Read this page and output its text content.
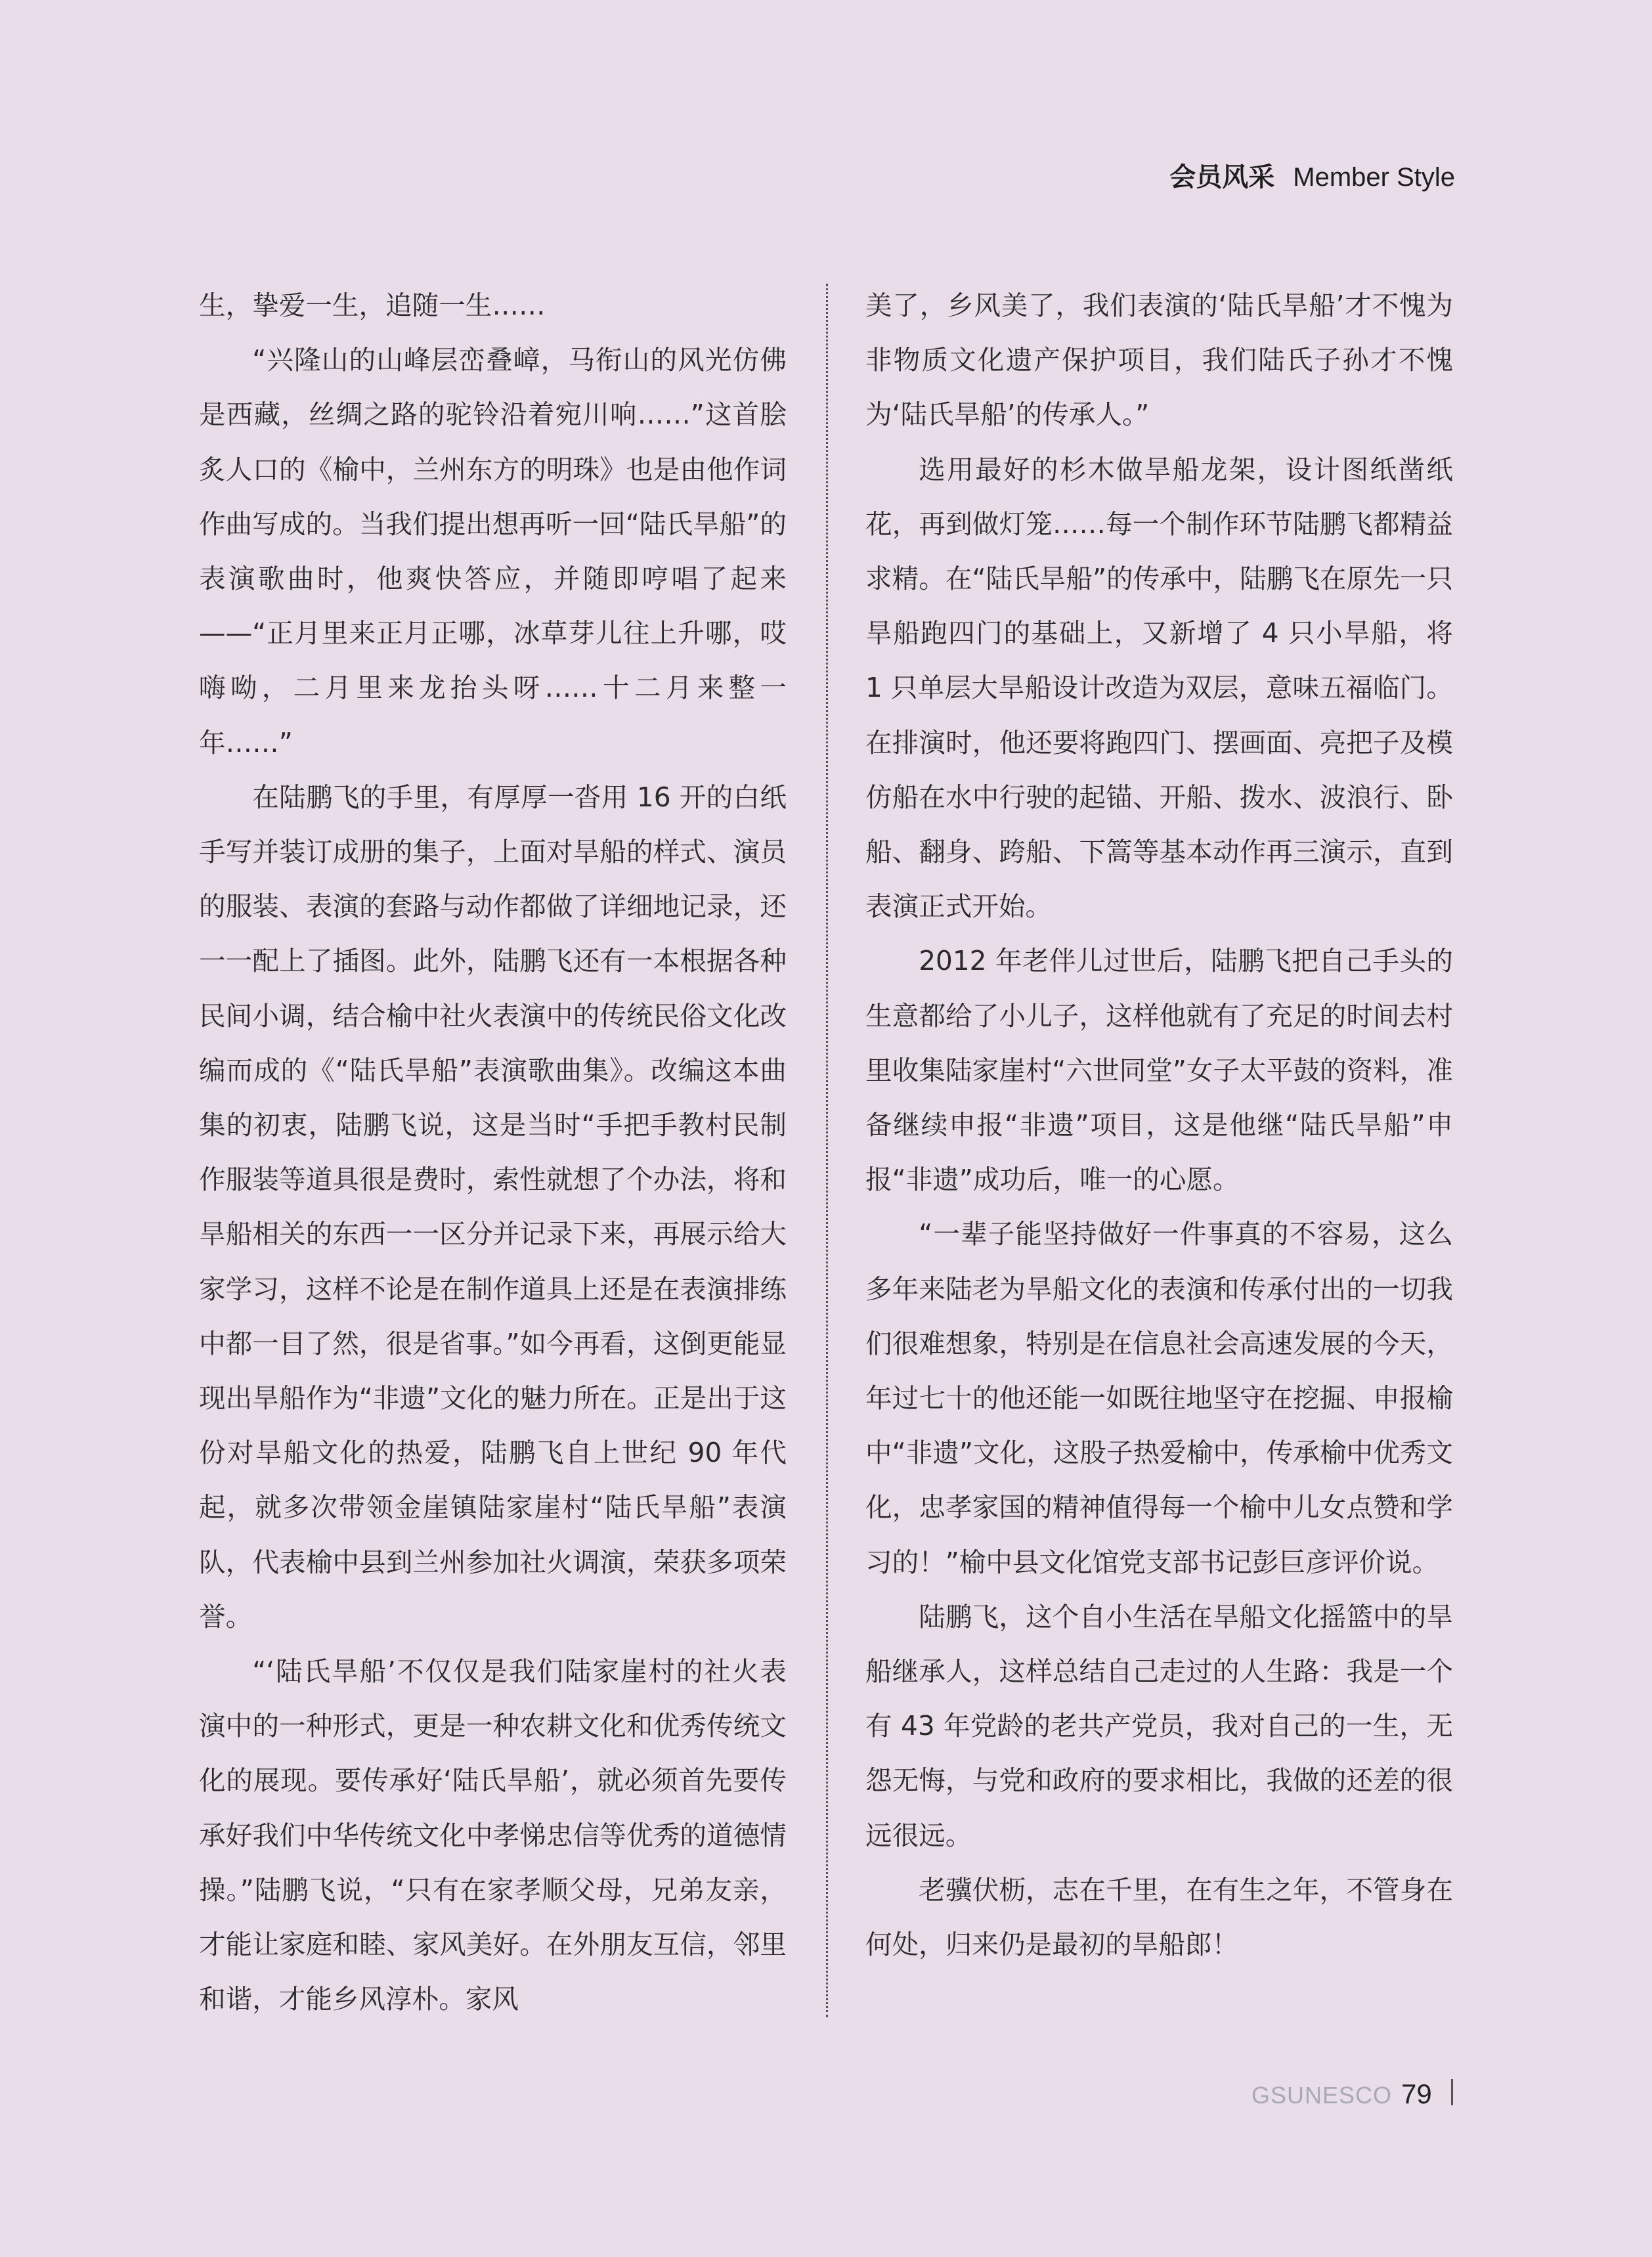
会员风采 Member Style

生，挚爱一生，追随一生……

“兴隆山的山峰层峦叠嶂，马衔山的风光仿佛是西藏，丝绸之路的驼铃沿着宛川响……”这首脍炙人口的《榆中，兰州东方的明珠》也是由他作词作曲写成的。当我们提出想再听一回“陆氏旱船”的表演歌曲时，他爽快答应，并随即哼唱了起来——“正月里来正月正哪，冰草芽儿往上升哪，哎嗨呦，二月里来龙抬头呀……十二月来整一年……”

在陆鹏飞的手里，有厚厚一沓用 16 开的白纸手写并装订成册的集子，上面对旱船的样式、演员的服装、表演的套路与动作都做了详细地记录，还一一配上了插图。此外，陆鹏飞还有一本根据各种民间小调，结合榆中社火表演中的传统民俗文化改编而成的《“陆氏旱船”表演歌曲集》。改编这本曲集的初衷，陆鹏飞说，这是当时“手把手教村民制作服装等道具很是费时，索性就想了个办法，将和旱船相关的东西一一区分并记录下来，再展示给大家学习，这样不论是在制作道具上还是在表演排练中都一目了然，很是省事。”如今再看，这倒更能显现出旱船作为“非遗”文化的魅力所在。正是出于这份对旱船文化的热爱，陆鹏飞自上世纪 90 年代起，就多次带领金崖镇陆家崖村“陆氏旱船”表演队，代表榆中县到兰州参加社火调演，荣获多项荣誉。

“‘陆氏旱船’不仅仅是我们陆家崖村的社火表演中的一种形式，更是一种农耕文化和优秀传统文化的展现。要传承好‘陆氏旱船’，就必须首先要传承好我们中华传统文化中孝悌忠信等优秀的道德情操。”陆鹏飞说，“只有在家孝顺父母，兄弟友亲，才能让家庭和睦、家风美好。在外朋友互信，邻里和谐，才能乡风淳朴。家风

美了，乡风美了，我们表演的‘陆氏旱船’才不愧为非物质文化遗产保护项目，我们陆氏子孙才不愧为‘陆氏旱船’的传承人。”

选用最好的杉木做旱船龙架，设计图纸凿纸花，再到做灯笼……每一个制作环节陆鹏飞都精益求精。在“陆氏旱船”的传承中，陆鹏飞在原先一只旱船跑四门的基础上，又新增了 4 只小旱船，将 1 只单层大旱船设计改造为双层，意味五福临门。在排演时，他还要将跑四门、摆画面、亮把子及模仿船在水中行驶的起锚、开船、拨水、波浪行、卧船、翻身、跨船、下篙等基本动作再三演示，直到表演正式开始。

2012 年老伴儿过世后，陆鹏飞把自己手头的生意都给了小儿子，这样他就有了充足的时间去村里收集陆家崖村“六世同堂”女子太平鼓的资料，准备继续申报“非遗”项目，这是他继“陆氏旱船”申报“非遗”成功后，唯一的心愿。

“一辈子能坚持做好一件事真的不容易，这么多年来陆老为旱船文化的表演和传承付出的一切我们很难想象，特别是在信息社会高速发展的今天，年过七十的他还能一如既往地坚守在挖掘、申报榆中“非遗”文化，这股子热爱榆中，传承榆中优秀文化，忠孝家国的精神值得每一个榆中儿女点赞和学习的！”榆中县文化馆党支部书记彭巨彦评价说。

陆鹏飞，这个自小生活在旱船文化摇篮中的旱船继承人，这样总结自己走过的人生路：我是一个有 43 年党龄的老共产党员，我对自己的一生，无怨无悔，与党和政府的要求相比，我做的还差的很远很远。

老骥伏枥，志在千里，在有生之年，不管身在何处，归来仍是最初的旱船郎！

GSUNESCO 79
